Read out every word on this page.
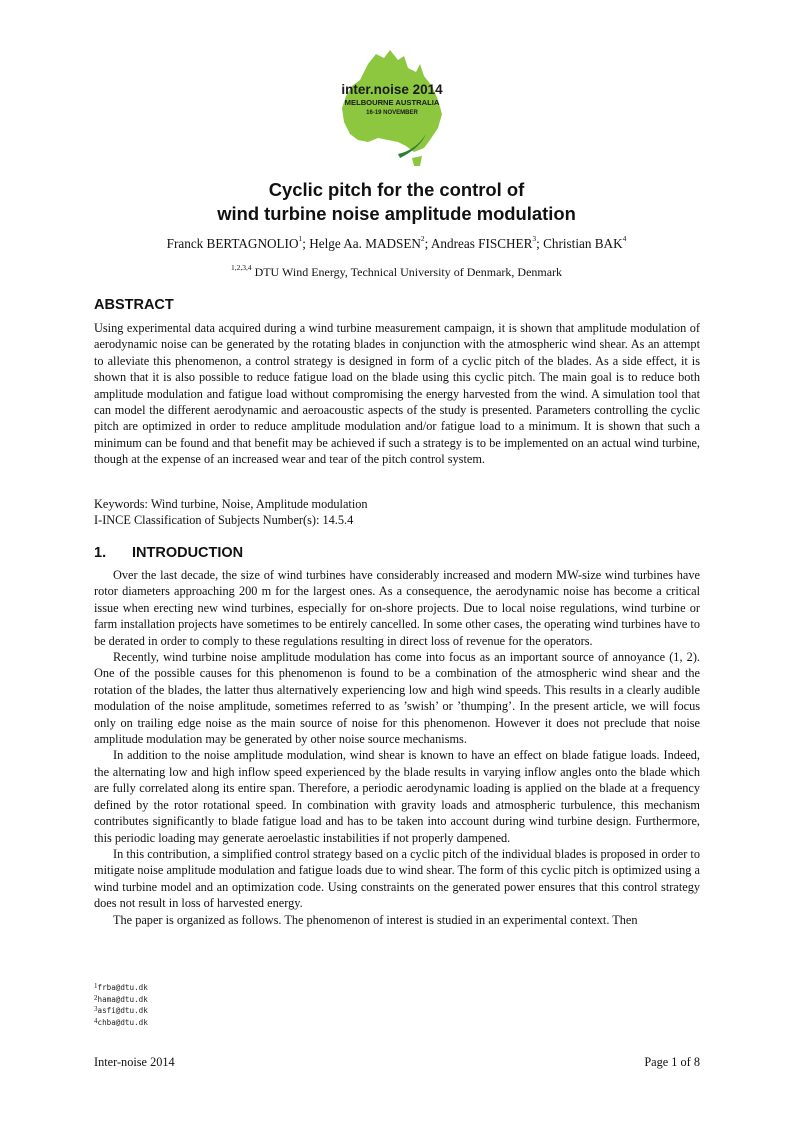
inter.noise 2014
MELBOURNE AUSTRALIA
16-19 NOVEMBER
Cyclic pitch for the control of
wind turbine noise amplitude modulation
Franck BERTAGNOLIO$^1$; Helge Aa. MADSEN$^2$; Andreas FISCHER$^3$; Christian BAK$^4$
$^{1,2,3,4}$ DTU Wind Energy, Technical University of Denmark, Denmark
ABSTRACT

Using experimental data acquired during a wind turbine measurement campaign, it is shown that amplitude modulation of aerodynamic noise can be generated by the rotating blades in conjunction with the atmospheric wind shear. As an attempt to alleviate this phenomenon, a control strategy is designed in form of a cyclic pitch of the blades. As a side effect, it is shown that it is also possible to reduce fatigue load on the blade using this cyclic pitch. The main goal is to reduce both amplitude modulation and fatigue load without compromising the energy harvested from the wind. A simulation tool that can model the different aerodynamic and aeroacoustic aspects of the study is presented. Parameters controlling the cyclic pitch are optimized in order to reduce amplitude modulation and/or fatigue load to a minimum. It is shown that such a minimum can be found and that benefit may be achieved if such a strategy is to be implemented on an actual wind turbine, though at the expense of an increased wear and tear of the pitch control system.

Keywords: Wind turbine, Noise, Amplitude modulation
I-INCE Classification of Subjects Number(s): 14.5.4
1. INTRODUCTION

Over the last decade, the size of wind turbines have considerably increased and modern MW-size wind turbines have rotor diameters approaching 200 m for the largest ones. As a consequence, the aerodynamic noise has become a critical issue when erecting new wind turbines, especially for on-shore projects. Due to local noise regulations, wind turbine or farm installation projects have sometimes to be entirely cancelled. In some other cases, the operating wind turbines have to be derated in order to comply to these regulations resulting in direct loss of revenue for the operators.

Recently, wind turbine noise amplitude modulation has come into focus as an important source of annoyance (1, 2). One of the possible causes for this phenomenon is found to be a combination of the atmospheric wind shear and the rotation of the blades, the latter thus alternatively experiencing low and high wind speeds. This results in a clearly audible modulation of the noise amplitude, sometimes referred to as ’swish’ or ’thumping’. In the present article, we will focus only on trailing edge noise as the main source of noise for this phenomenon. However it does not preclude that noise amplitude modulation may be generated by other noise source mechanisms.

In addition to the noise amplitude modulation, wind shear is known to have an effect on blade fatigue loads. Indeed, the alternating low and high inflow speed experienced by the blade results in varying inflow angles onto the blade which are fully correlated along its entire span. Therefore, a periodic aerodynamic loading is applied on the blade at a frequency defined by the rotor rotational speed. In combination with gravity loads and atmospheric turbulence, this mechanism contributes significantly to blade fatigue load and has to be taken into account during wind turbine design. Furthermore, this periodic loading may generate aeroelastic instabilities if not properly dampened.

In this contribution, a simplified control strategy based on a cyclic pitch of the individual blades is proposed in order to mitigate noise amplitude modulation and fatigue loads due to wind shear. The form of this cyclic pitch is optimized using a wind turbine model and an optimization code. Using constraints on the generated power ensures that this control strategy does not result in loss of harvested energy.

The paper is organized as follows. The phenomenon of interest is studied in an experimental context. Then

$^1$frba@dtu.dk
$^2$hama@dtu.dk
$^3$asfi@dtu.dk
$^4$chba@dtu.dk
Inter-noise 2014	Page 1 of 8
